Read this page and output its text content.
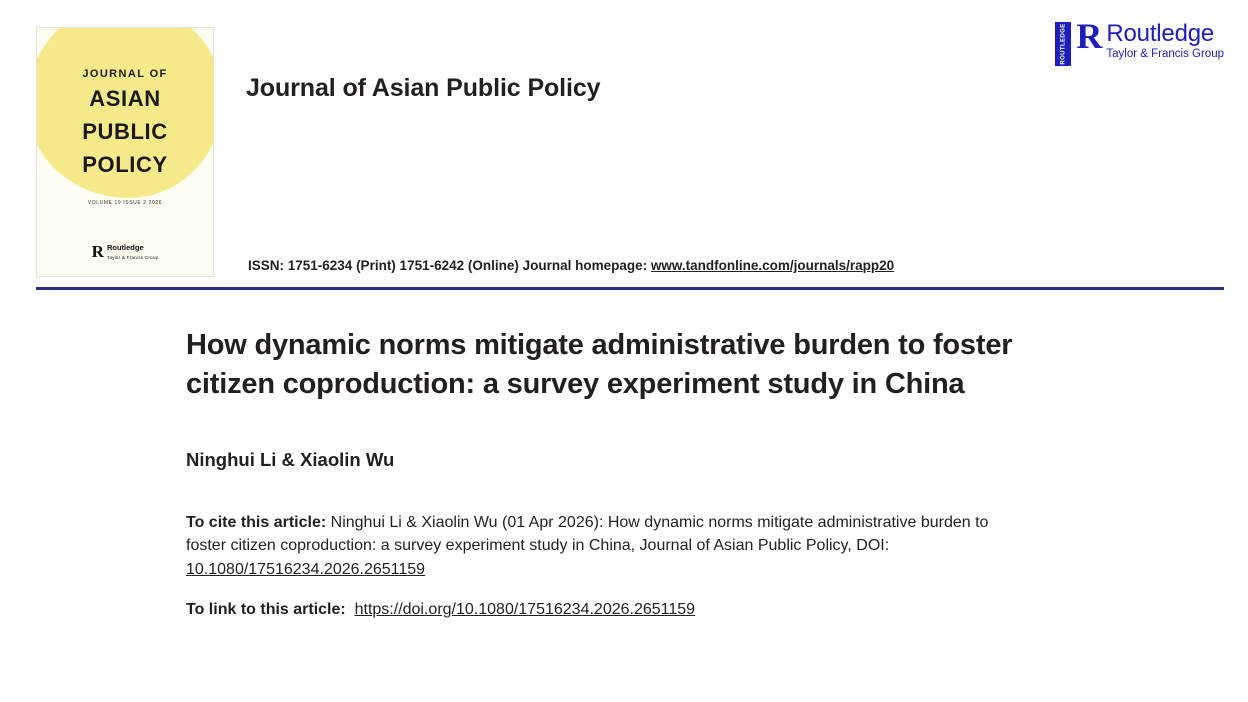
JOURNAL OF
ASIAN
PUBLIC
POLICY
VOLUME 19 ISSUE 2 2026
R Routledge
Taylor & Francis Group
Journal of Asian Public Policy
ROUTLEDGE R Routledge
Taylor & Francis Group
ISSN: 1751-6234 (Print) 1751-6242 (Online) Journal homepage: www.tandfonline.com/journals/rapp20
How dynamic norms mitigate administrative burden to foster citizen coproduction: a survey experiment study in China
Ninghui Li & Xiaolin Wu
To cite this article: Ninghui Li & Xiaolin Wu (01 Apr 2026): How dynamic norms mitigate administrative burden to foster citizen coproduction: a survey experiment study in China, Journal of Asian Public Policy, DOI: 10.1080/17516234.2026.2651159
To link to this article: https://doi.org/10.1080/17516234.2026.2651159
